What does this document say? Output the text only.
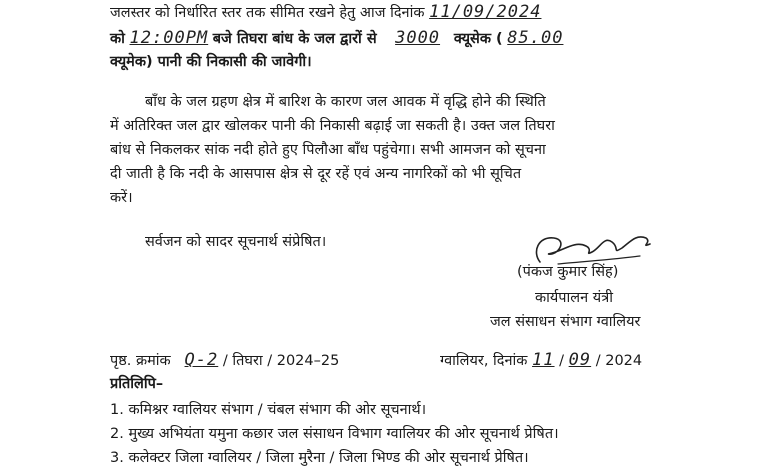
जलस्तर को निर्धारित स्तर तक सीमित रखने हेतु आज दिनांक 11/09/2024
को 12:00PM बजे तिघरा बांध के जल द्वारों से 3000 क्यूसेक ( 85.00
क्यूमेक) पानी की निकासी की जावेगी।
बाँध के जल ग्रहण क्षेत्र में बारिश के कारण जल आवक में वृद्धि होने की स्थिति
में अतिरिक्त जल द्वार खोलकर पानी की निकासी बढ़ाई जा सकती है। उक्त जल तिघरा
बांध से निकलकर सांक नदी होते हुए पिलौआ बाँध पहुंचेगा। सभी आमजन को सूचना
दी जाती है कि नदी के आसपास क्षेत्र से दूर रहें एवं अन्य नागरिकों को भी सूचित
करें।
सर्वजन को सादर सूचनार्थ संप्रेषित।
(पंकज कुमार सिंह)
कार्यपालन यंत्री
जल संसाधन संभाग ग्वालियर
पृष्ठ. क्रमांक Q-2 / तिघरा / 2024–25	ग्वालियर, दिनांक 11 / 09 / 2024
प्रतिलिपि–
1. कमिश्नर ग्वालियर संभाग / चंबल संभाग की ओर सूचनार्थ।
2. मुख्य अभियंता यमुना कछार जल संसाधन विभाग ग्वालियर की ओर सूचनार्थ प्रेषित।
3. कलेक्टर जिला ग्वालियर / जिला मुरैना / जिला भिण्ड की ओर सूचनार्थ प्रेषित।
